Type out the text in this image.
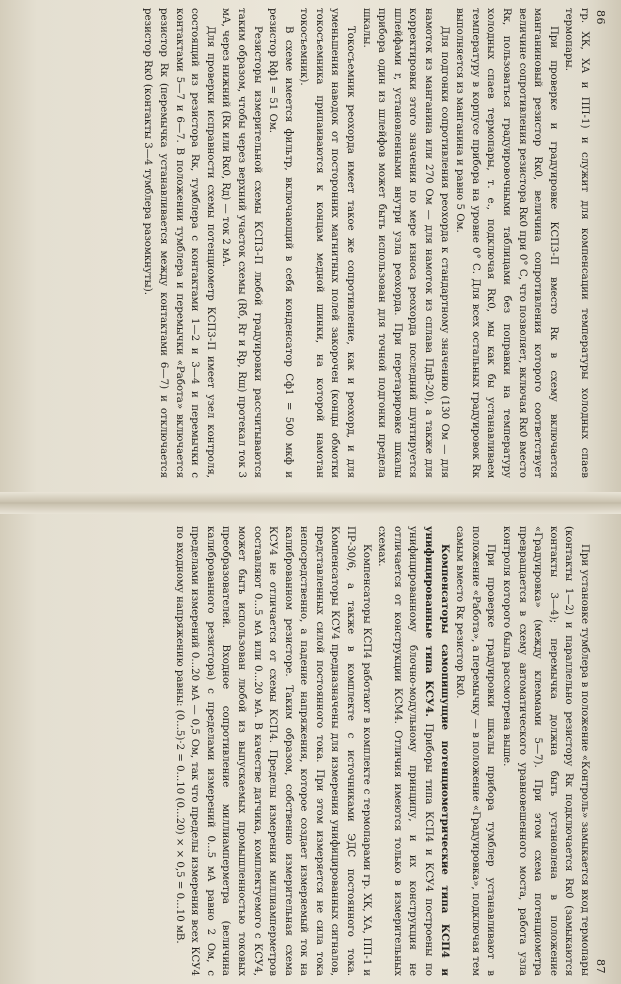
86

гр. ХК, ХА и ПП-1) и служит для компенсации температуры холодных спаев термопары.

При проверке и градуировке КСП3-П вместо Rк в схему включается манганиновый резистор Rк0, величина сопротивления которого соответствует величине сопротивления резистора Rк0 при 0° С, что позволяет, включая Rк0 вместо Rк, пользоваться градуировочными таблицами без поправки на температуру холодных спаев термопары, т. е., подключая Rк0, мы как бы устанавливаем температуру в корпусе прибора на уровне 0° С. Для всех остальных градуировок Rк выполняется из манганина и равно 5 Ом.

Для подгонки сопротивления реохорда к стандартному значению (130 Ом — для намоток из манганина или 270 Ом — для намоток из сплава ПдВ-20), а также для корректировки этого значения по мере износа реохорда последний шунтируется шлейфами r, установленными внутри узла реохорда. При перетарировке шкалы прибора один из шлейфов может быть использован для точной подгонки предела шкалы.

Токосъемник реохорда имеет такое же сопротивление, как и реохорд, и для уменьшения наводок от посторонних магнитных полей закорочен (концы обмотки токосъемника припаиваются к концам медной шинки, на которой намотан токосъемник).

В схеме имеется фильтр, включающий в себя конденсатор Сф1 = 500 мкф и резистор Rф1 = 51 Ом.

Резисторы измерительной схемы КСП3-П любой градуировки рассчитываются таким образом, чтобы через верхний участок схемы (Rб, Rг и Rр, Rш) протекал ток 3 мА, через нижний (Rк или Rк0, Rд) — ток 2 мА.

Для проверки исправности схемы потенциометр КСП3-П имеет узел контроля, состоящий из резистора Rк, тумблера с контактами 1—2 и 3—4 и перемычки с контактами 5—7 и 6—7. В положении тумблера и перемычки «Работа» включается резистор Rк (перемычка устанавливается между контактами 6—7) и отключается резистор Rк0 (контакты 3—4 тумблера разомкнуты).

87

При установке тумблера в положение «Контроль» замыкается вход термопары (контакты 1—2) и параллельно резистору Rк подключается Rк0 (замыкаются контакты 3—4); перемычка должна быть установлена в положение «Градуировка» (между клеммами 5—7). При этом схема потенциометра превращается в схему автоматического уравновешенного моста, работа узла контроля которого была рассмотрена выше.

При проверке градуировки шкалы прибора тумблер устанавливают в положение «Работа», а перемычку — в положение «Градуировка», подключая тем самым вместо Rк резистор Rк0.

Компенсаторы самопишущие потенциометрические типа КСП4 и унифицированные типа КСУ4. Приборы типа КСП4 и КСУ4 построены по унифицированному блочно-модульному принципу, и их конструкция не отличается от конструкции КСМ4. Отличия имеются только в измерительных схемах.

Компенсаторы КСП4 работают в комплекте с термопарами гр. ХК, ХА, ПП-1 и ПР-30/6, а также в комплекте с источниками ЭДС постоянного тока. Компенсаторы КСУ4 предназначены для измерения унифицированных сигналов, представленных силой постоянного тока. При этом измеряется не сила тока непосредственно, а падение напряжения, которое создает измеряемый ток на калиброванном резисторе. Таким образом, собственно измерительная схема КСУ4 не отличается от схемы КСП4. Пределы измерения миллиамперметров составляют 0...5 мА или 0...20 мА. В качестве датчика, комплектуемого с КСУ4, может быть использован любой из выпускаемых промышленностью токовых преобразователей. Входное сопротивление миллиамперметра (величина калиброванного резистора) с пределами измерений 0...5 мА равно 2 Ом, с пределами измерений 0...20 мА — 0,5 Ом, так что пределы измерения всех КСУ4 по входному напряжению равны: (0...5)·2 = 0...10 (0...20) × × 0,5 = 0...10 мВ.
